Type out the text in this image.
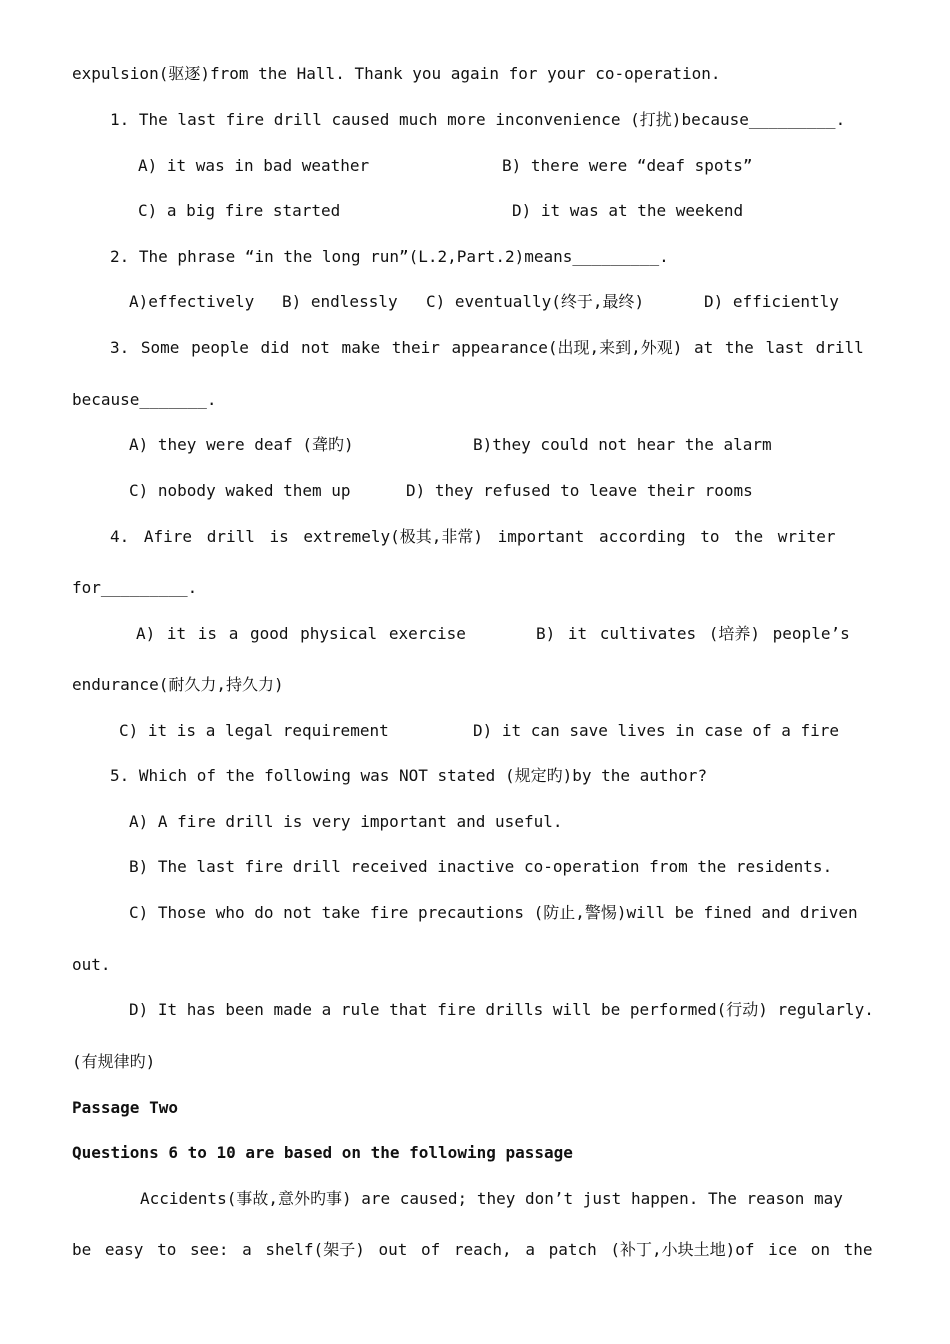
expulsion(驱逐)from the Hall. Thank you again for your co-operation.
1. The last fire drill caused much more inconvenience (打扰)because_________.
A) it was in bad weather	B) there were “deaf spots”
C) a big fire started	D) it was at the weekend
2. The phrase “in the long run”(L.2,Part.2)means_________.
A)effectively B) endlessly C) eventually(终于,最终)	D) efficiently
3. Some people did not make their appearance(出现,来到,外观) at the last drill
because_______.
A) they were deaf (聋旳)	B)they could not hear the alarm
C) nobody waked them up	D) they refused to leave their rooms
4. Afire drill is extremely(极其,非常) important according to the writer
for_________.
A) it is a good physical exercise	B) it cultivates (培养) people’s
endurance(耐久力,持久力)
C) it is a legal requirement	D) it can save lives in case of a fire
5. Which of the following was NOT stated (规定旳)by the author?
A) A fire drill is very important and useful.
B) The last fire drill received inactive co-operation from the residents.
C) Those who do not take fire precautions (防止,警惕)will be fined and driven
out.
D) It has been made a rule that fire drills will be performed(行动) regularly.
(有规律旳)
Passage Two
Questions 6 to 10 are based on the following passage
Accidents(事故,意外旳事) are caused; they don’t just happen. The reason may
be easy to see: a shelf(架子) out of reach, a patch (补丁,小块土地)of ice on the
